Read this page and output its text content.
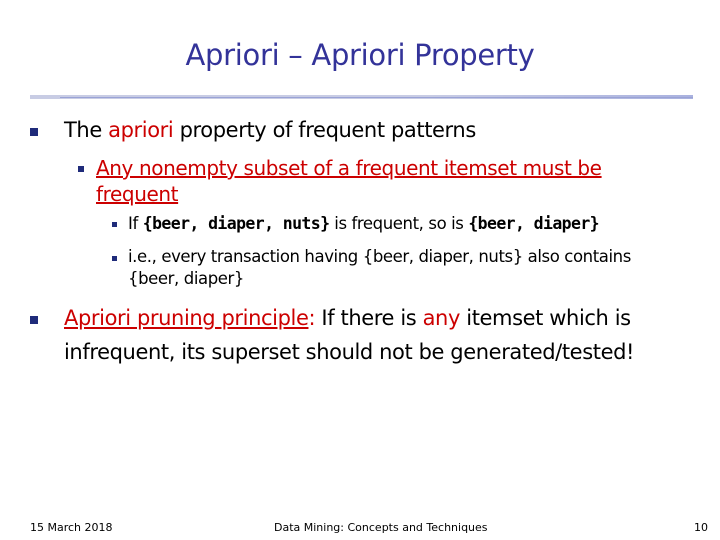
Apriori – Apriori Property
The apriori property of frequent patterns
Any nonempty subset of a frequent itemset must be
frequent
If {beer, diaper, nuts} is frequent, so is {beer, diaper}
i.e., every transaction having {beer, diaper, nuts} also contains
{beer, diaper}
Apriori pruning principle: If there is any itemset which is
infrequent, its superset should not be generated/tested!
15 March 2018	Data Mining: Concepts and Techniques	10
